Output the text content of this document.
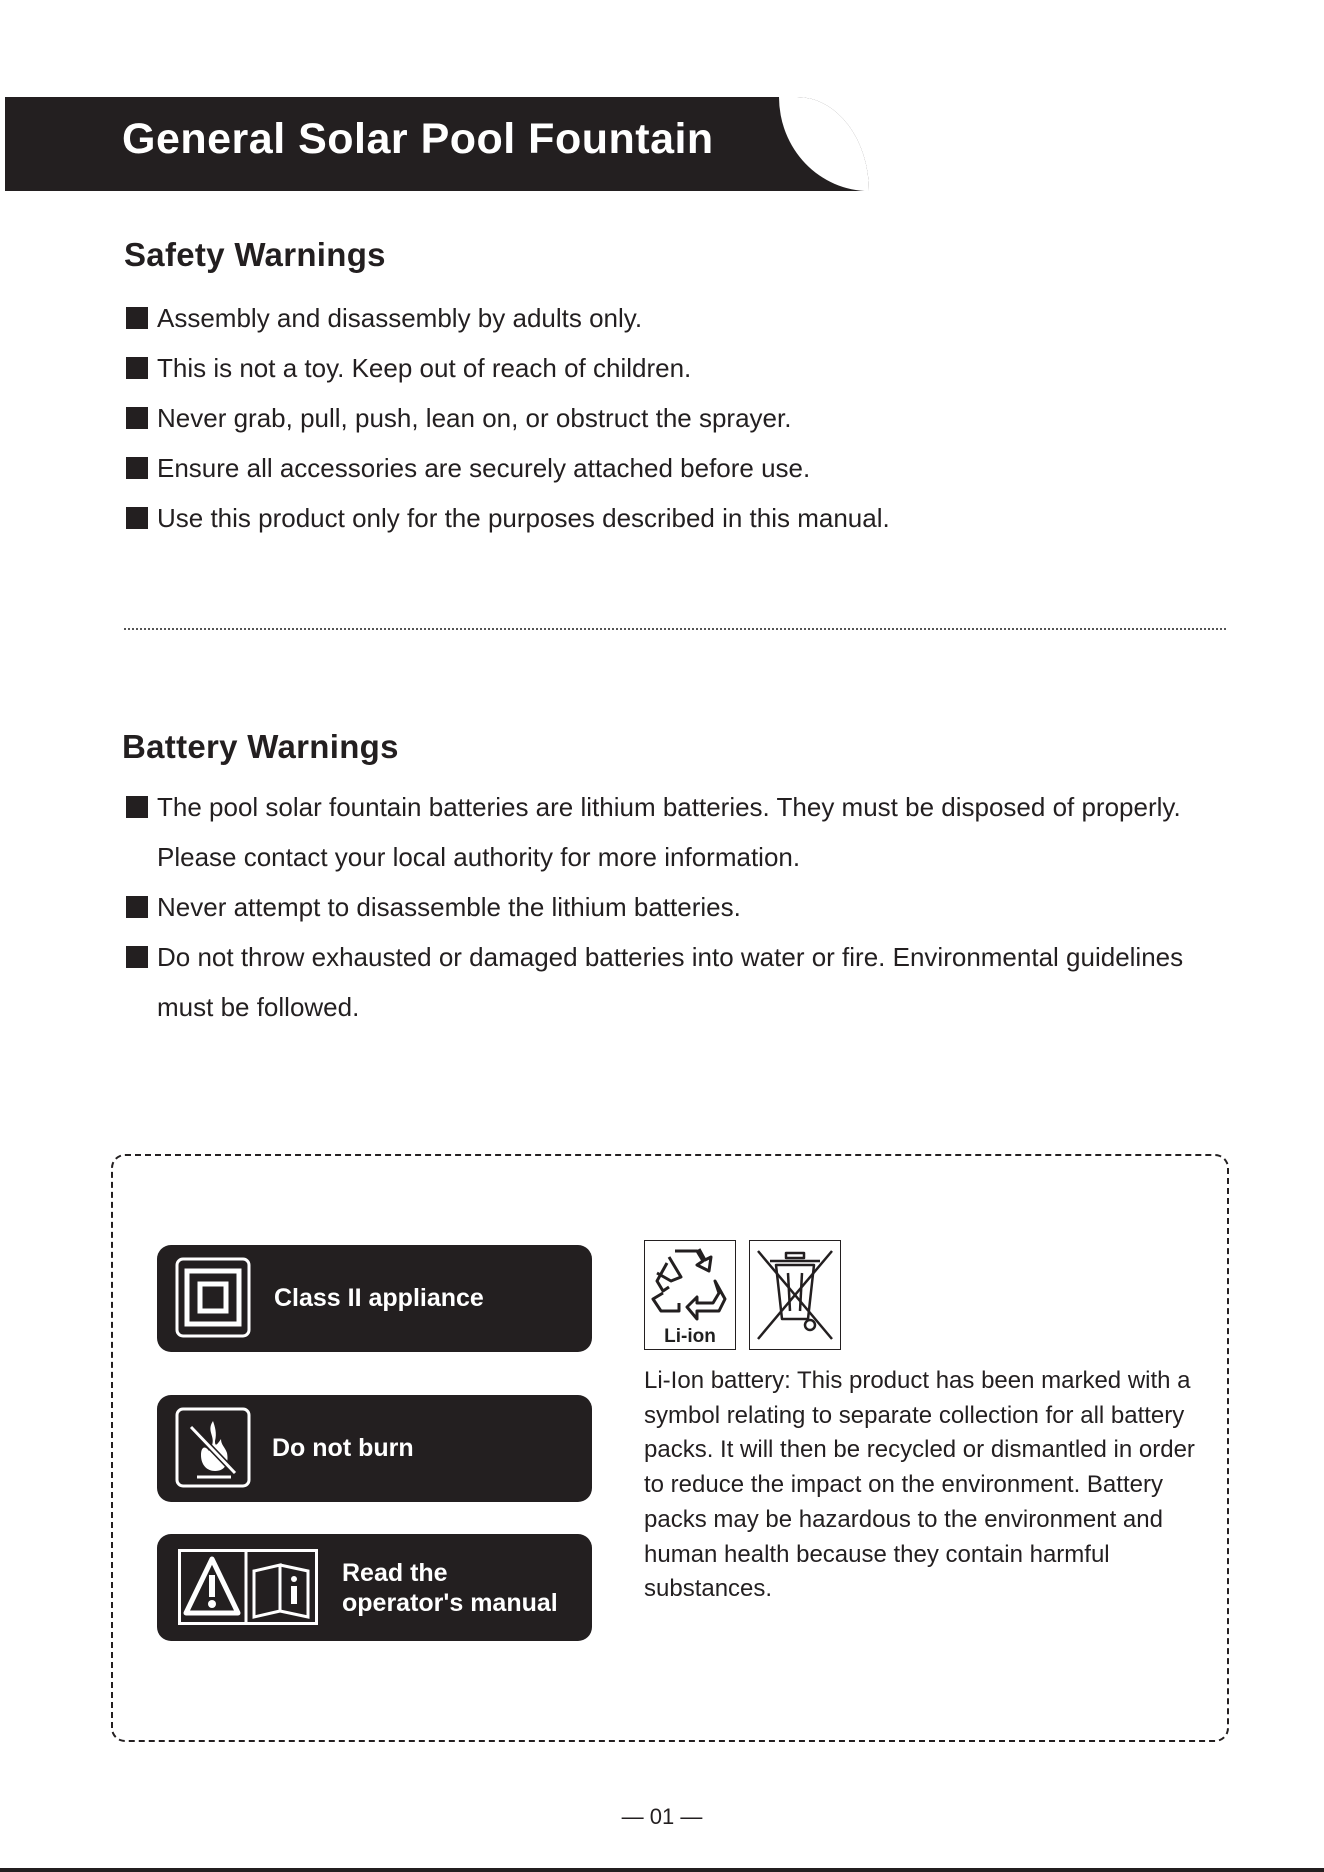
General Solar Pool Fountain
Safety Warnings
Assembly and disassembly by adults only.
This is not a toy. Keep out of reach of children.
Never grab, pull, push, lean on, or obstruct the sprayer.
Ensure all accessories are securely attached before use.
Use this product only for the purposes described in this manual.
Battery Warnings
The pool solar fountain batteries are lithium batteries. They must be disposed of properly. Please contact your local authority for more information.
Never attempt to disassemble the lithium batteries.
Do not throw exhausted or damaged batteries into water or fire. Environmental guidelines must be followed.
Class II appliance
Do not burn
Read the
operator's manual
Li-ion
Li-Ion battery: This product has been marked with a symbol relating to separate collection for all battery packs. It will then be recycled or dismantled in order to reduce the impact on the environment. Battery packs may be hazardous to the environment and human health because they contain harmful substances.
— 01 —
